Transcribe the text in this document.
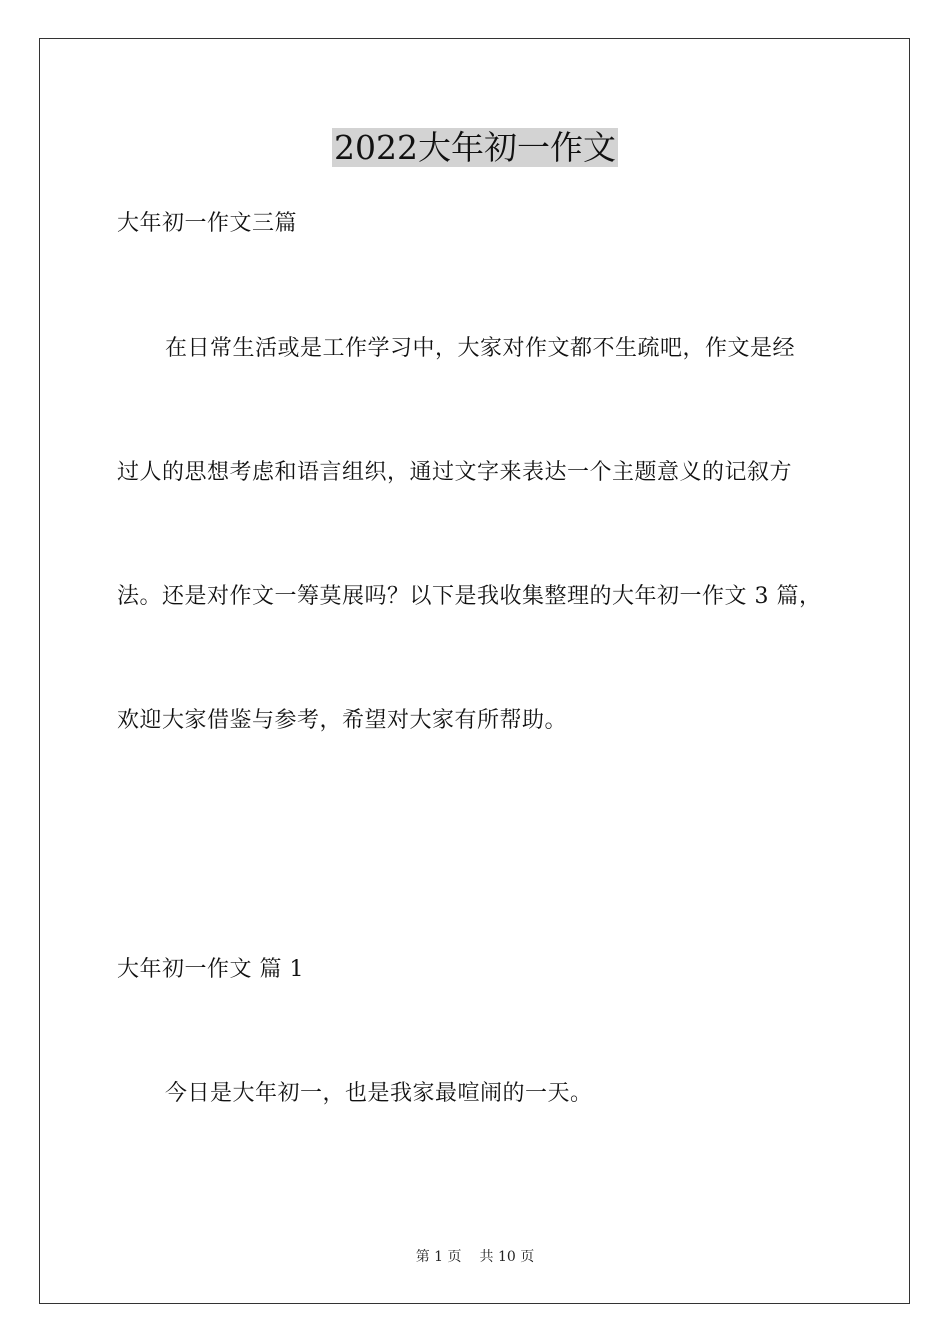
2022大年初一作文
大年初一作文三篇
在日常生活或是工作学习中，大家对作文都不生疏吧，作文是经
过人的思想考虑和语言组织，通过文字来表达一个主题意义的记叙方
法。还是对作文一筹莫展吗？以下是我收集整理的大年初一作文 3 篇，
欢迎大家借鉴与参考，希望对大家有所帮助。
大年初一作文 篇 1
今日是大年初一，也是我家最喧闹的一天。
第 1 页 共 10 页
